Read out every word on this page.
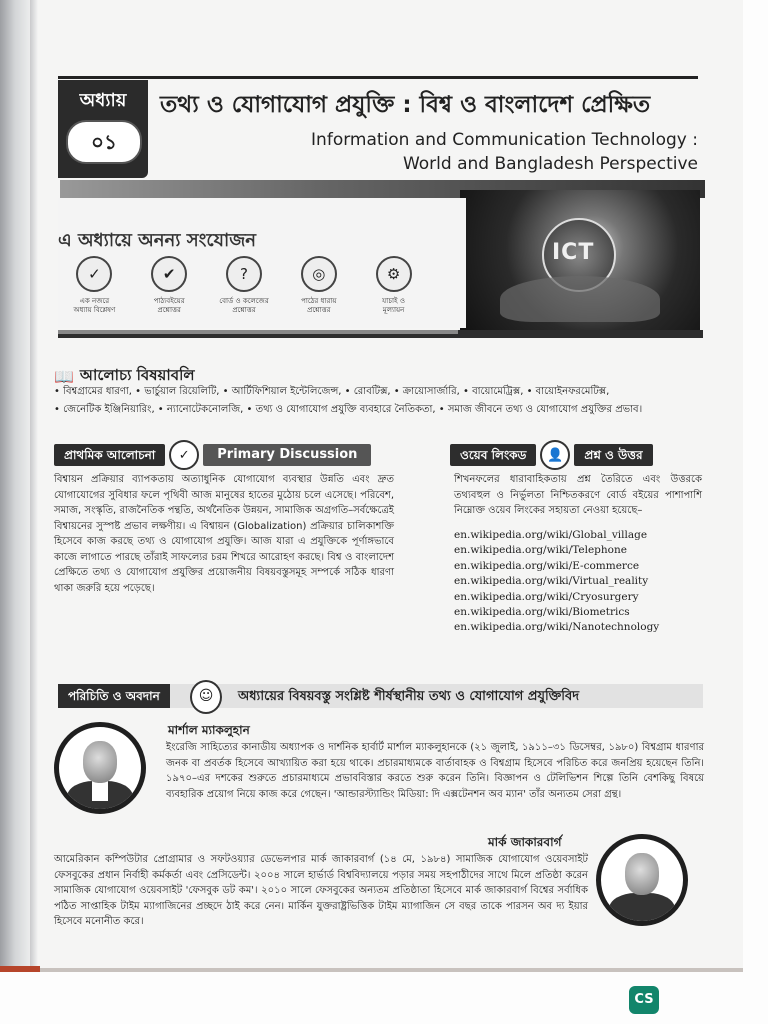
অধ্যায়
০১
তথ্য ও যোগাযোগ প্রযুক্তি : বিশ্ব ও বাংলাদেশ প্রেক্ষিত
Information and Communication Technology :
World and Bangladesh Perspective
ICT
এ অধ্যায়ে অনন্য সংযোজন
✓
এক নজরে
অধ্যায় বিশ্লেষণ
✔
পাঠ্যবইয়ের
প্রশ্নোত্তর
?
বোর্ড ও কলেজের
প্রশ্নোত্তর
◎
পাঠের ধারায়
প্রশ্নোত্তর
⚙
যাচাই ও
মূল্যায়ন
📖 আলোচ্য বিষয়াবলি
• বিশ্বগ্রামের ধারণা, • ভার্চুয়াল রিয়েলিটি, • আর্টিফিশিয়াল ইন্টেলিজেন্স, • রোবটিক্স, • ক্রায়োসার্জারি, • বায়োমেট্রিক্স, • বায়োইনফরমেটিক্স,
• জেনেটিক ইঞ্জিনিয়ারিং, • ন্যানোটেকনোলজি, • তথ্য ও যোগাযোগ প্রযুক্তি ব্যবহারে নৈতিকতা, • সমাজ জীবনে তথ্য ও যোগাযোগ প্রযুক্তির প্রভাব।
প্রাথমিক আলোচনা	✓	Primary Discussion
বিশ্বায়ন প্রক্রিয়ার ব্যাপকতায় অত্যাধুনিক যোগাযোগ ব্যবস্থার উন্নতি এবং দ্রুত যোগাযোগের সুবিধার ফলে পৃথিবী আজ মানুষের হাতের মুঠোয় চলে এসেছে। পরিবেশ, সমাজ, সংস্কৃতি, রাজনৈতিক পন্থতি, অর্থনৈতিক উন্নয়ন, সামাজিক অগ্রগতি–সর্বক্ষেত্রেই বিশ্বায়নের সুস্পষ্ট প্রভাব লক্ষণীয়। এ বিশ্বায়ন (Globalization) প্রক্রিয়ার চালিকাশক্তি হিসেবে কাজ করছে তথ্য ও যোগাযোগ প্রযুক্তি। আজ যারা এ প্রযুক্তিকে পূর্ণাঙ্গভাবে কাজে লাগাতে পারছে তাঁরাই সাফল্যের চরম শিখরে আরোহণ করছে। বিশ্ব ও বাংলাদেশ প্রেক্ষিতে তথ্য ও যোগাযোগ প্রযুক্তির প্রয়োজনীয় বিষয়বস্তুসমূহ সম্পর্কে সঠিক ধারণা থাকা জরুরি হয়ে পড়েছে।
ওয়েব লিংকড	👤	প্রশ্ন ও উত্তর
শিখনফলের ধারাবাহিকতায় প্রশ্ন তৈরিতে এবং উত্তরকে তথ্যবহুল ও নির্ভুলতা নিশ্চিতকরণে বোর্ড বইয়ের পাশাপাশি নিম্নোক্ত ওয়েব লিংকের সহায়তা নেওয়া হয়েছে–
en.wikipedia.org/wiki/Global_village
en.wikipedia.org/wiki/Telephone
en.wikipedia.org/wiki/E-commerce
en.wikipedia.org/wiki/Virtual_reality
en.wikipedia.org/wiki/Cryosurgery
en.wikipedia.org/wiki/Biometrics
en.wikipedia.org/wiki/Nanotechnology
পরিচিতি ও অবদান	☺	অধ্যায়ের বিষয়বস্তু সংশ্লিষ্ট শীর্ষস্থানীয় তথ্য ও যোগাযোগ প্রযুক্তিবিদ
মার্শাল ম্যাকলুহান
ইংরেজি সাহিত্যের কানাডীয় অধ্যাপক ও দার্শনিক হার্বার্ট মার্শাল ম্যাকলুহানকে (২১ জুলাই, ১৯১১–৩১ ডিসেম্বর, ১৯৮০) বিশ্বগ্রাম ধারণার জনক বা প্রবর্তক হিসেবে আখ্যায়িত করা হয়ে থাকে। প্রচারমাধ্যমকে বার্তাবাহক ও বিশ্বগ্রাম হিসেবে পরিচিত করে জনপ্রিয় হয়েছেন তিনি। ১৯৭০–এর দশকের শুরুতে প্রচারমাধ্যমে প্রভাববিস্তার করতে শুরু করেন তিনি। বিজ্ঞাপন ও টেলিভিশন শিল্পে তিনি বেশকিছু বিষয়ে ব্যবহারিক প্রয়োগ নিয়ে কাজ করে গেছেন। 'আন্ডারস্ট্যান্ডিং মিডিয়া: দি এক্সটেনশন অব ম্যান' তাঁর অন্যতম সেরা গ্রন্থ।
মার্ক জাকারবার্গ
আমেরিকান কম্পিউটার প্রোগ্রামার ও সফটওয়্যার ডেভেলপার মার্ক জাকারবার্গ (১৪ মে, ১৯৮৪) সামাজিক যোগাযোগ ওয়েবসাইট ফেসবুকের প্রধান নির্বাহী কর্মকর্তা এবং প্রেসিডেন্ট। ২০০৪ সালে হার্ভার্ড বিশ্ববিদ্যালয়ে পড়ার সময় সহপাঠীদের সাথে মিলে প্রতিষ্ঠা করেন সামাজিক যোগাযোগ ওয়েবসাইট 'ফেসবুক ডট কম'। ২০১০ সালে ফেসবুকের অন্যতম প্রতিষ্ঠাতা হিসেবে মার্ক জাকারবার্গ বিশ্বের সর্বাধিক পঠিত সাপ্তাহিক টাইম ম্যাগাজিনের প্রচ্ছদে ঠাই করে নেন। মার্কিন যুক্তরাষ্ট্রভিত্তিক টাইম ম্যাগাজিন সে বছর তাকে পারসন অব দ্য ইয়ার হিসেবে মনোনীত করে।
CS
